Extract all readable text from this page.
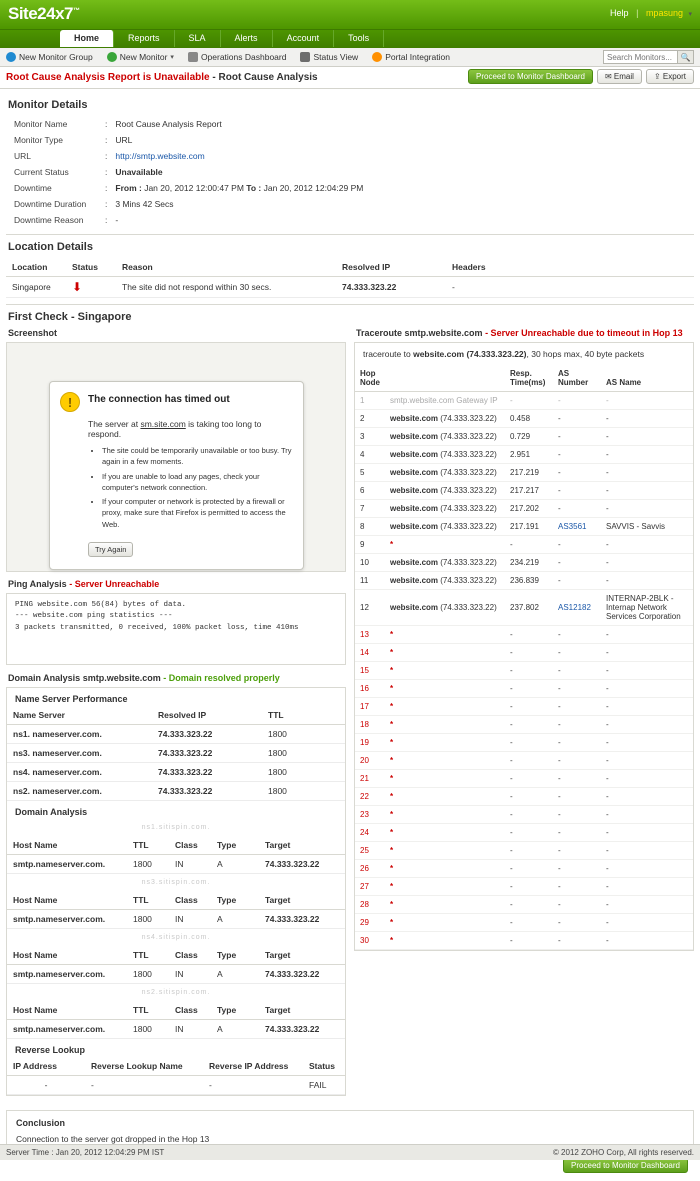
Site24x7™	Help | mpasung ▾
Home	Reports	SLA	Alerts	Account	Tools
New Monitor Group	New Monitor ▾	Operations Dashboard	Status View	Portal Integration
Search Monitors...	🔍
Root Cause Analysis Report is Unavailable - Root Cause Analysis	Proceed to Monitor Dashboard	✉ Email	⇪ Export
Monitor Details
Monitor Name	:	Root Cause Analysis Report
Monitor Type	:	URL
URL	:	http://smtp.website.com
Current Status	:	Unavailable
Downtime	:	From : Jan 20, 2012 12:00:47 PM To : Jan 20, 2012 12:04:29 PM
Downtime Duration	:	3 Mins 42 Secs
Downtime Reason	:	-
Location Details
Location	Status	Reason	Resolved IP	Headers
Singapore	⬇	The site did not respond within 30 secs.	74.333.323.22	-
First Check - Singapore
Screenshot
!	The connection has timed out
The server at sm.site.com is taking too long to respond.
• The site could be temporarily unavailable or too busy. Try again in a few moments.
• If you are unable to load any pages, check your computer's network connection.
• If your computer or network is protected by a firewall or proxy, make sure that Firefox is permitted to access the Web.
Try Again
Ping Analysis - Server Unreachable
PING website.com 56(84) bytes of data.
--- website.com ping statistics ---
3 packets transmitted, 0 received, 100% packet loss, time 410ms
Domain Analysis smtp.website.com - Domain resolved properly
Name Server Performance
Name Server	Resolved IP	TTL
ns1. nameserver.com.	74.333.323.22	1800
ns3. nameserver.com.	74.333.323.22	1800
ns4. nameserver.com.	74.333.323.22	1800
ns2. nameserver.com.	74.333.323.22	1800
Domain Analysis
ns1.sitispin.com.
Host Name	TTL	Class	Type	Target
smtp.nameserver.com.	1800	IN	A	74.333.323.22
ns3.sitispin.com.
Host Name	TTL	Class	Type	Target
smtp.nameserver.com.	1800	IN	A	74.333.323.22
ns4.sitispin.com.
Host Name	TTL	Class	Type	Target
smtp.nameserver.com.	1800	IN	A	74.333.323.22
ns2.sitispin.com.
Host Name	TTL	Class	Type	Target
smtp.nameserver.com.	1800	IN	A	74.333.323.22
Reverse Lookup
IP Address	Reverse Lookup Name	Reverse IP Address	Status
-	-	-	FAIL
Traceroute smtp.website.com - Server Unreachable due to timeout in Hop 13
traceroute to website.com (74.333.323.22), 30 hops max, 40 byte packets
Hop Node		Resp. Time(ms)	AS Number	AS Name
1	smtp.website.com Gateway IP	-	-	-
2	website.com (74.333.323.22)	0.458	-	-
3	website.com (74.333.323.22)	0.729	-	-
4	website.com (74.333.323.22)	2.951	-	-
5	website.com (74.333.323.22)	217.219	-	-
6	website.com (74.333.323.22)	217.217	-	-
7	website.com (74.333.323.22)	217.202	-	-
8	website.com (74.333.323.22)	217.191	AS3561	SAVVIS - Savvis
9	*	-	-	-
10	website.com (74.333.323.22)	234.219	-	-
11	website.com (74.333.323.22)	236.839	-	-
12	website.com (74.333.323.22)	237.802	AS12182	INTERNAP-2BLK - Internap Network Services Corporation
13	*	-	-	-
14	*	-	-	-
15	*	-	-	-
16	*	-	-	-
17	*	-	-	-
18	*	-	-	-
19	*	-	-	-
20	*	-	-	-
21	*	-	-	-
22	*	-	-	-
23	*	-	-	-
24	*	-	-	-
25	*	-	-	-
26	*	-	-	-
27	*	-	-	-
28	*	-	-	-
29	*	-	-	-
30	*	-	-	-
Conclusion
Connection to the server got dropped in the Hop 13
Proceed to Monitor Dashboard
Server Time : Jan 20, 2012 12:04:29 PM IST	© 2012 ZOHO Corp, All rights reserved.
